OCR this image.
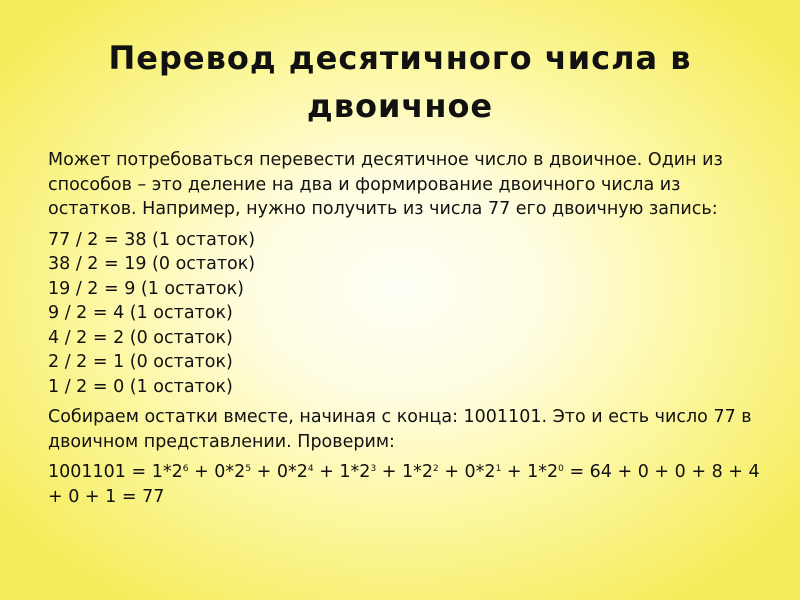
Перевод десятичного числа в двоичное

Может потребоваться перевести десятичное число в двоичное. Один из способов – это деление на два и формирование двоичного числа из остатков. Например, нужно получить из числа 77 его двоичную запись:

77 / 2 = 38 (1 остаток)
38 / 2 = 19 (0 остаток)
19 / 2 = 9 (1 остаток)
9 / 2 = 4 (1 остаток)
4 / 2 = 2 (0 остаток)
2 / 2 = 1 (0 остаток)
1 / 2 = 0 (1 остаток)

Собираем остатки вместе, начиная с конца: 1001101. Это и есть число 77 в двоичном представлении. Проверим:

$1001101 = 1*2^6 + 0*2^5 + 0*2^4 + 1*2^3 + 1*2^2 + 0*2^1 + 1*2^0 = 64 + 0 + 0 + 8 + 4 + 0 + 1 = 77$
